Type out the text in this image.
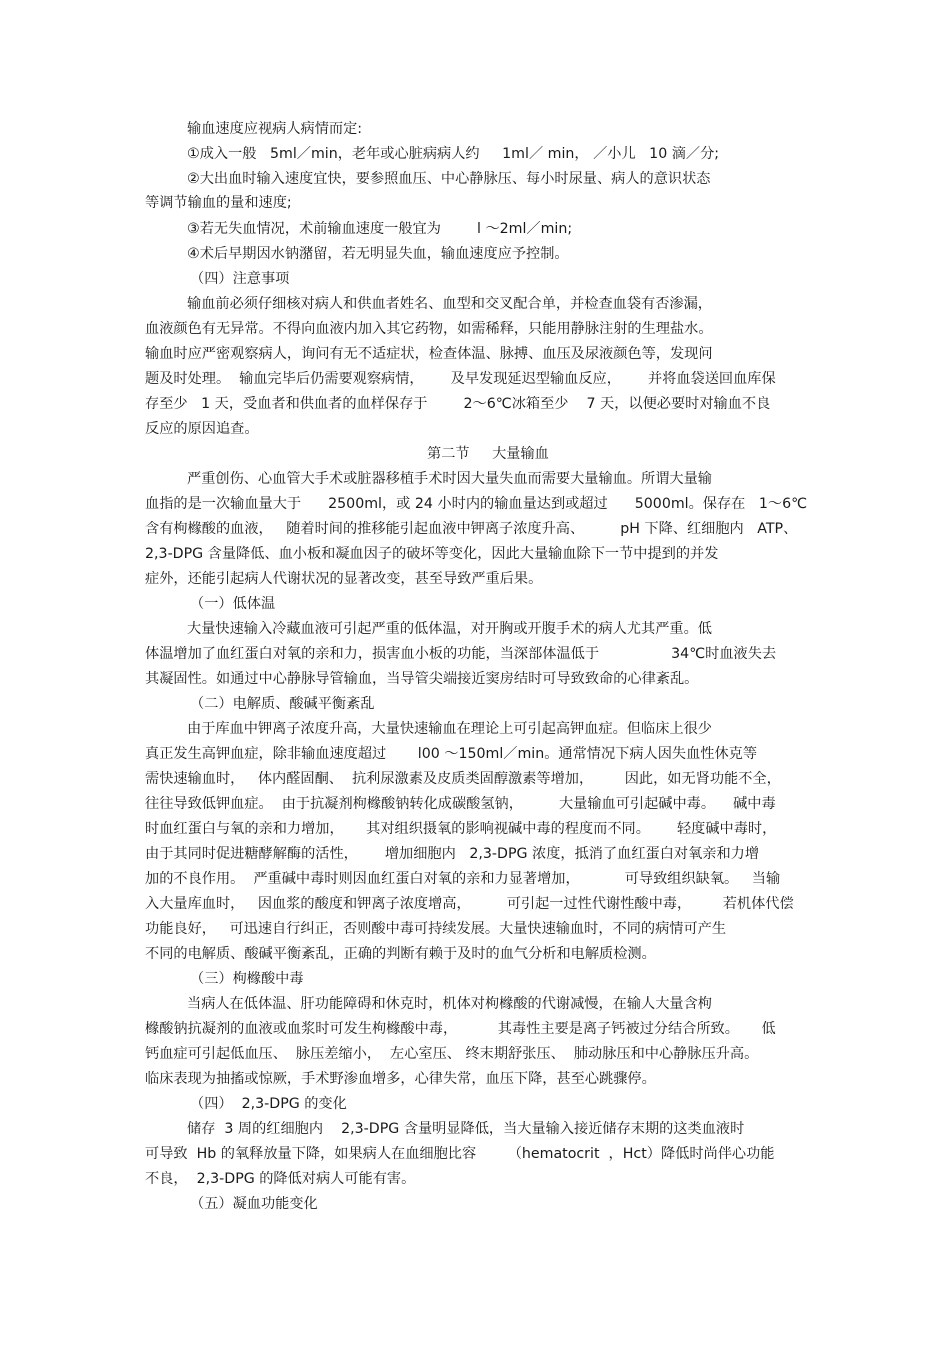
输血速度应视病人病情而定:
①成入一般   5ml／min，老年或心脏病病人约     1ml／ min， ／小儿   10 滴／分;
②大出血时输入速度宜快，要参照血压、中心静脉压、每小时尿量、病人的意识状态
等调节输血的量和速度;
③若无失血情况，术前输血速度一般宜为        l ～2ml／min;
④术后早期因水钠潴留，若无明显失血，输血速度应予控制。
（四）注意事项
输血前必须仔细核对病人和供血者姓名、血型和交叉配合单，并检查血袋有否渗漏，
血液颜色有无异常。不得向血液内加入其它药物，如需稀释，只能用静脉注射的生理盐水。
输血时应严密观察病人，询问有无不适症状，检查体温、脉搏、血压及尿液颜色等，发现问
题及时处理。  输血完毕后仍需要观察病情，      及早发现延迟型输血反应，      并将血袋送回血库保
存至少   1 天，受血者和供血者的血样保存于        2～6℃冰箱至少    7 天，以便必要时对输血不良
反应的原因追查。
第二节     大量输血
严重创伤、心血管大手术或脏器移植手术时因大量失血而需要大量输血。所谓大量输
血指的是一次输血量大于      2500ml，或 24 小时内的输血量达到或超过      5000ml。保存在   1～6℃
含有枸橼酸的血液，   随着时间的推移能引起血液中钾离子浓度升高、        pH 下降、红细胞内   ATP、
2,3-DPG 含量降低、血小板和凝血因子的破坏等变化，因此大量输血除下一节中提到的并发
症外，还能引起病人代谢状况的显著改变，甚至导致严重后果。
（一）低体温
大量快速输入冷藏血液可引起严重的低体温，对开胸或开腹手术的病人尤其严重。低
体温增加了血红蛋白对氧的亲和力，损害血小板的功能，当深部体温低于                34℃时血液失去
其凝固性。如通过中心静脉导管输血，当导管尖端接近窦房结时可导致致命的心律紊乱。
（二）电解质、酸碱平衡紊乱
由于库血中钾离子浓度升高，大量快速输血在理论上可引起高钾血症。但临床上很少
真正发生高钾血症，除非输血速度超过       l00 ～150ml／min。通常情况下病人因失血性休克等
需快速输血时，   体内醛固酮、  抗利尿激素及皮质类固醇激素等增加，       因此，如无肾功能不全，
往往导致低钾血症。  由于抗凝剂枸橼酸钠转化成碳酸氢钠，        大量输血可引起碱中毒。    碱中毒
时血红蛋白与氧的亲和力增加，     其对组织摄氧的影响视碱中毒的程度而不同。      轻度碱中毒时，
由于其同时促进糖酵解酶的活性，      增加细胞内   2,3-DPG 浓度，抵消了血红蛋白对氧亲和力增
加的不良作用。  严重碱中毒时则因血红蛋白对氧的亲和力显著增加，          可导致组织缺氧。   当输
入大量库血时，   因血浆的酸度和钾离子浓度增高，        可引起一过性代谢性酸中毒，       若机体代偿
功能良好，   可迅速自行纠正，否则酸中毒可持续发展。大量快速输血时，不同的病情可产生
不同的电解质、酸碱平衡紊乱，正确的判断有赖于及时的血气分析和电解质检测。
（三）枸橼酸中毒
当病人在低体温、肝功能障碍和休克时，机体对枸橼酸的代谢减慢，在输人大量含枸
橼酸钠抗凝剂的血液或血浆时可发生枸橼酸中毒，         其毒性主要是离子钙被过分结合所致。     低
钙血症可引起低血压、  脉压差缩小，  左心室压、 终末期舒张压、  肺动脉压和中心静脉压升高。
临床表现为抽搐或惊厥，手术野渗血增多，心律失常，血压下降，甚至心跳骤停。
（四）  2,3-DPG 的变化
储存  3 周的红细胞内    2,3-DPG 含量明显降低，当大量输入接近储存末期的这类血液时
可导致  Hb 的氧释放量下降，如果病人在血细胞比容       （hematocrit  ，Hct）降低时尚伴心功能
不良，  2,3-DPG 的降低对病人可能有害。
（五）凝血功能变化
